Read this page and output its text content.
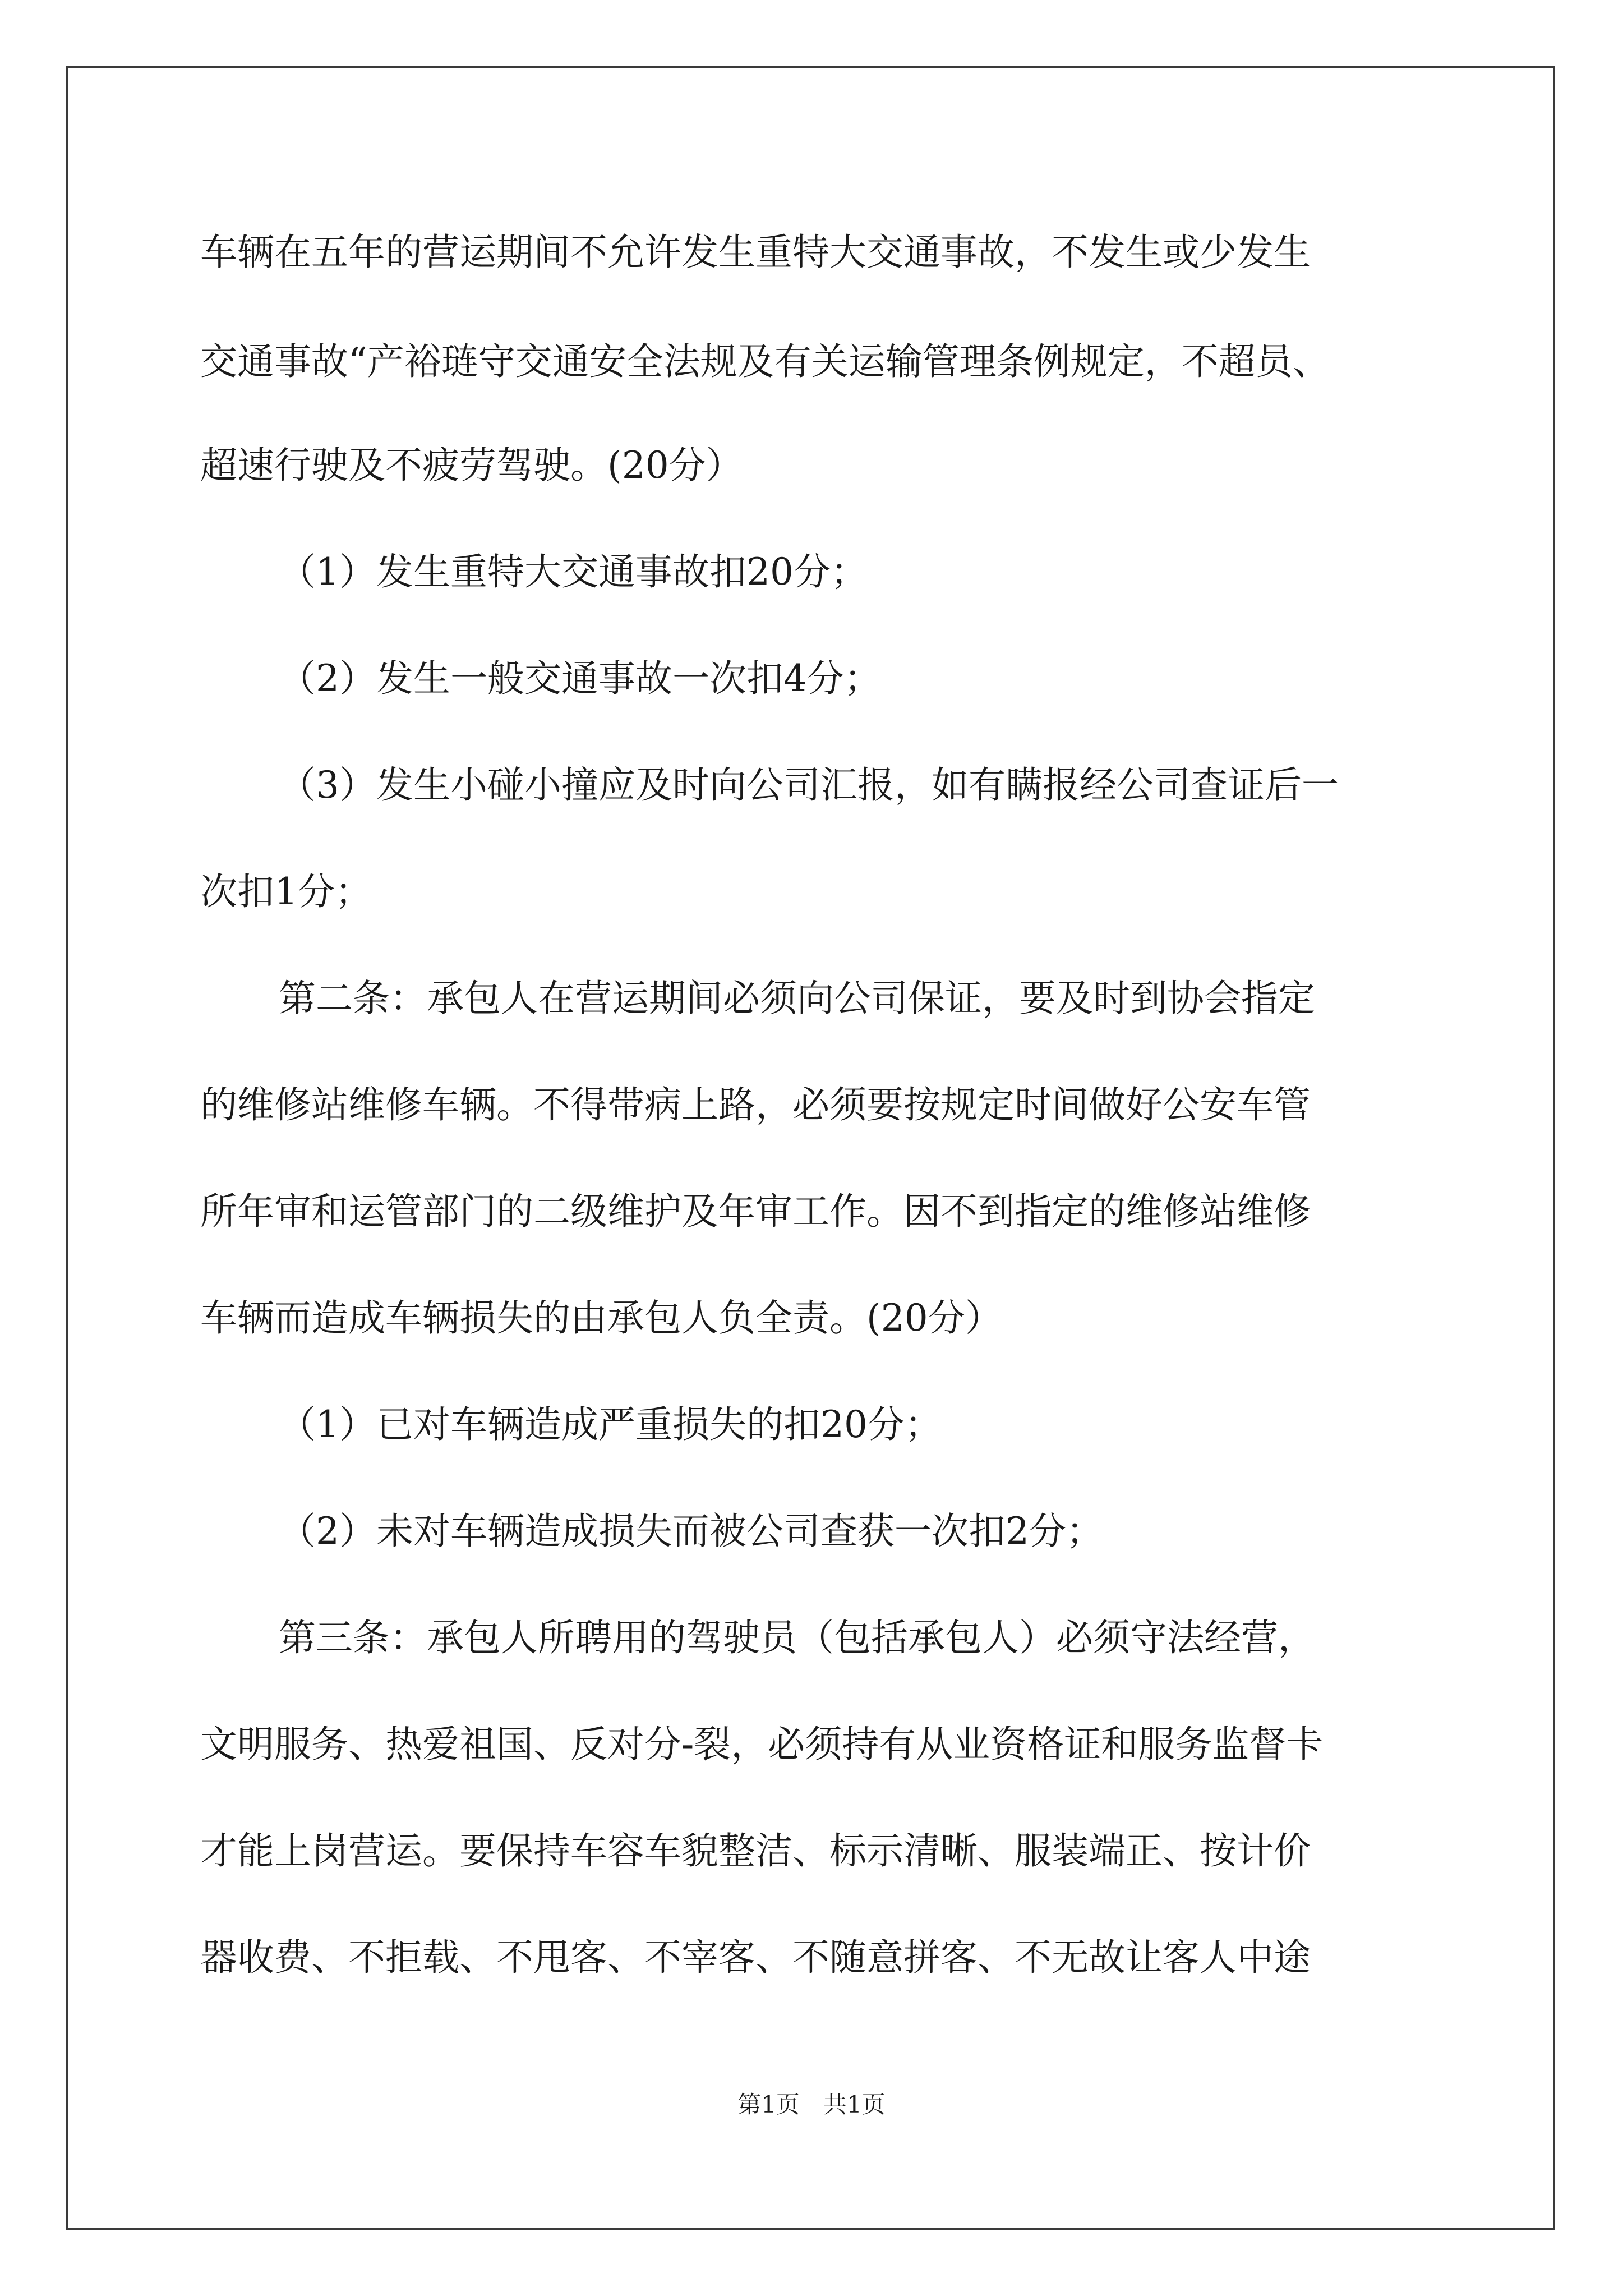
车辆在五年的营运期间不允许发生重特大交通事故，不发生或少发生
交通事故“产裕琏守交通安全法规及有关运输管理条例规定，不超员、
超速行驶及不疲劳驾驶。(20分）
（1）发生重特大交通事故扣20分；
（2）发生一般交通事故一次扣4分；
（3）发生小碰小撞应及时向公司汇报，如有瞒报经公司查证后一
次扣1分；
第二条：承包人在营运期间必须向公司保证，要及时到协会指定
的维修站维修车辆。不得带病上路，必须要按规定时间做好公安车管
所年审和运管部门的二级维护及年审工作。因不到指定的维修站维修
车辆而造成车辆损失的由承包人负全责。(20分）
（1）已对车辆造成严重损失的扣20分；
（2）未对车辆造成损失而被公司查获一次扣2分；
第三条：承包人所聘用的驾驶员（包括承包人）必须守法经营，
文明服务、热爱祖国、反对分-裂，必须持有从业资格证和服务监督卡
才能上岗营运。要保持车容车貌整洁、标示清晰、服装端正、按计价
器收费、不拒载、不甩客、不宰客、不随意拼客、不无故让客人中途
第1页　共1页
